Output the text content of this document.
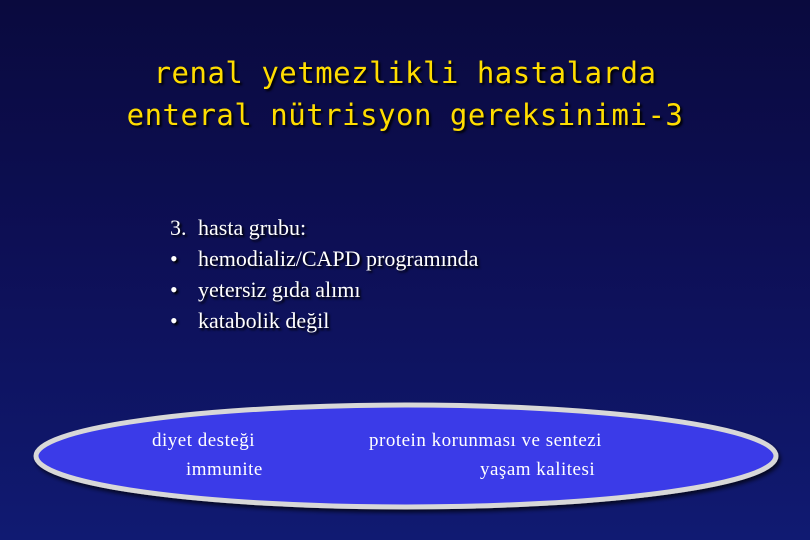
renal yetmezlikli hastalarda
enteral nütrisyon gereksinimi-3
3. hasta grubu:
• hemodializ/CAPD programında
• yetersiz gıda alımı
• katabolik değil
diyet desteği
immunite
protein korunması ve sentezi
yaşam kalitesi
